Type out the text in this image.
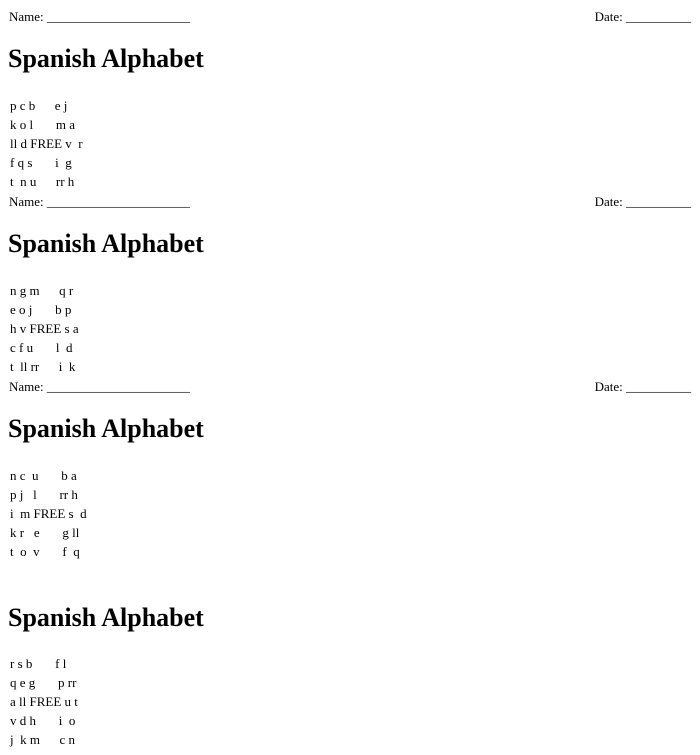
Name: ______________________	Date: __________
Spanish Alphabet
p c b      e j
k o l       m a
ll d FREE v  r
f q s       i  g
t  n u      rr h
Name: ______________________	Date: __________
Spanish Alphabet
n g m      q r
e o j       b p
h v FREE s a
c f u       l  d
t  ll rr      i  k
Name: ______________________	Date: __________
Spanish Alphabet
n c  u       b a
p j   l       rr h
i  m FREE s  d
k r   e       g ll
t  o  v       f  q
Spanish Alphabet
r s b       f l
q e g       p rr
a ll FREE u t
v d h       i  o
j  k m      c n
